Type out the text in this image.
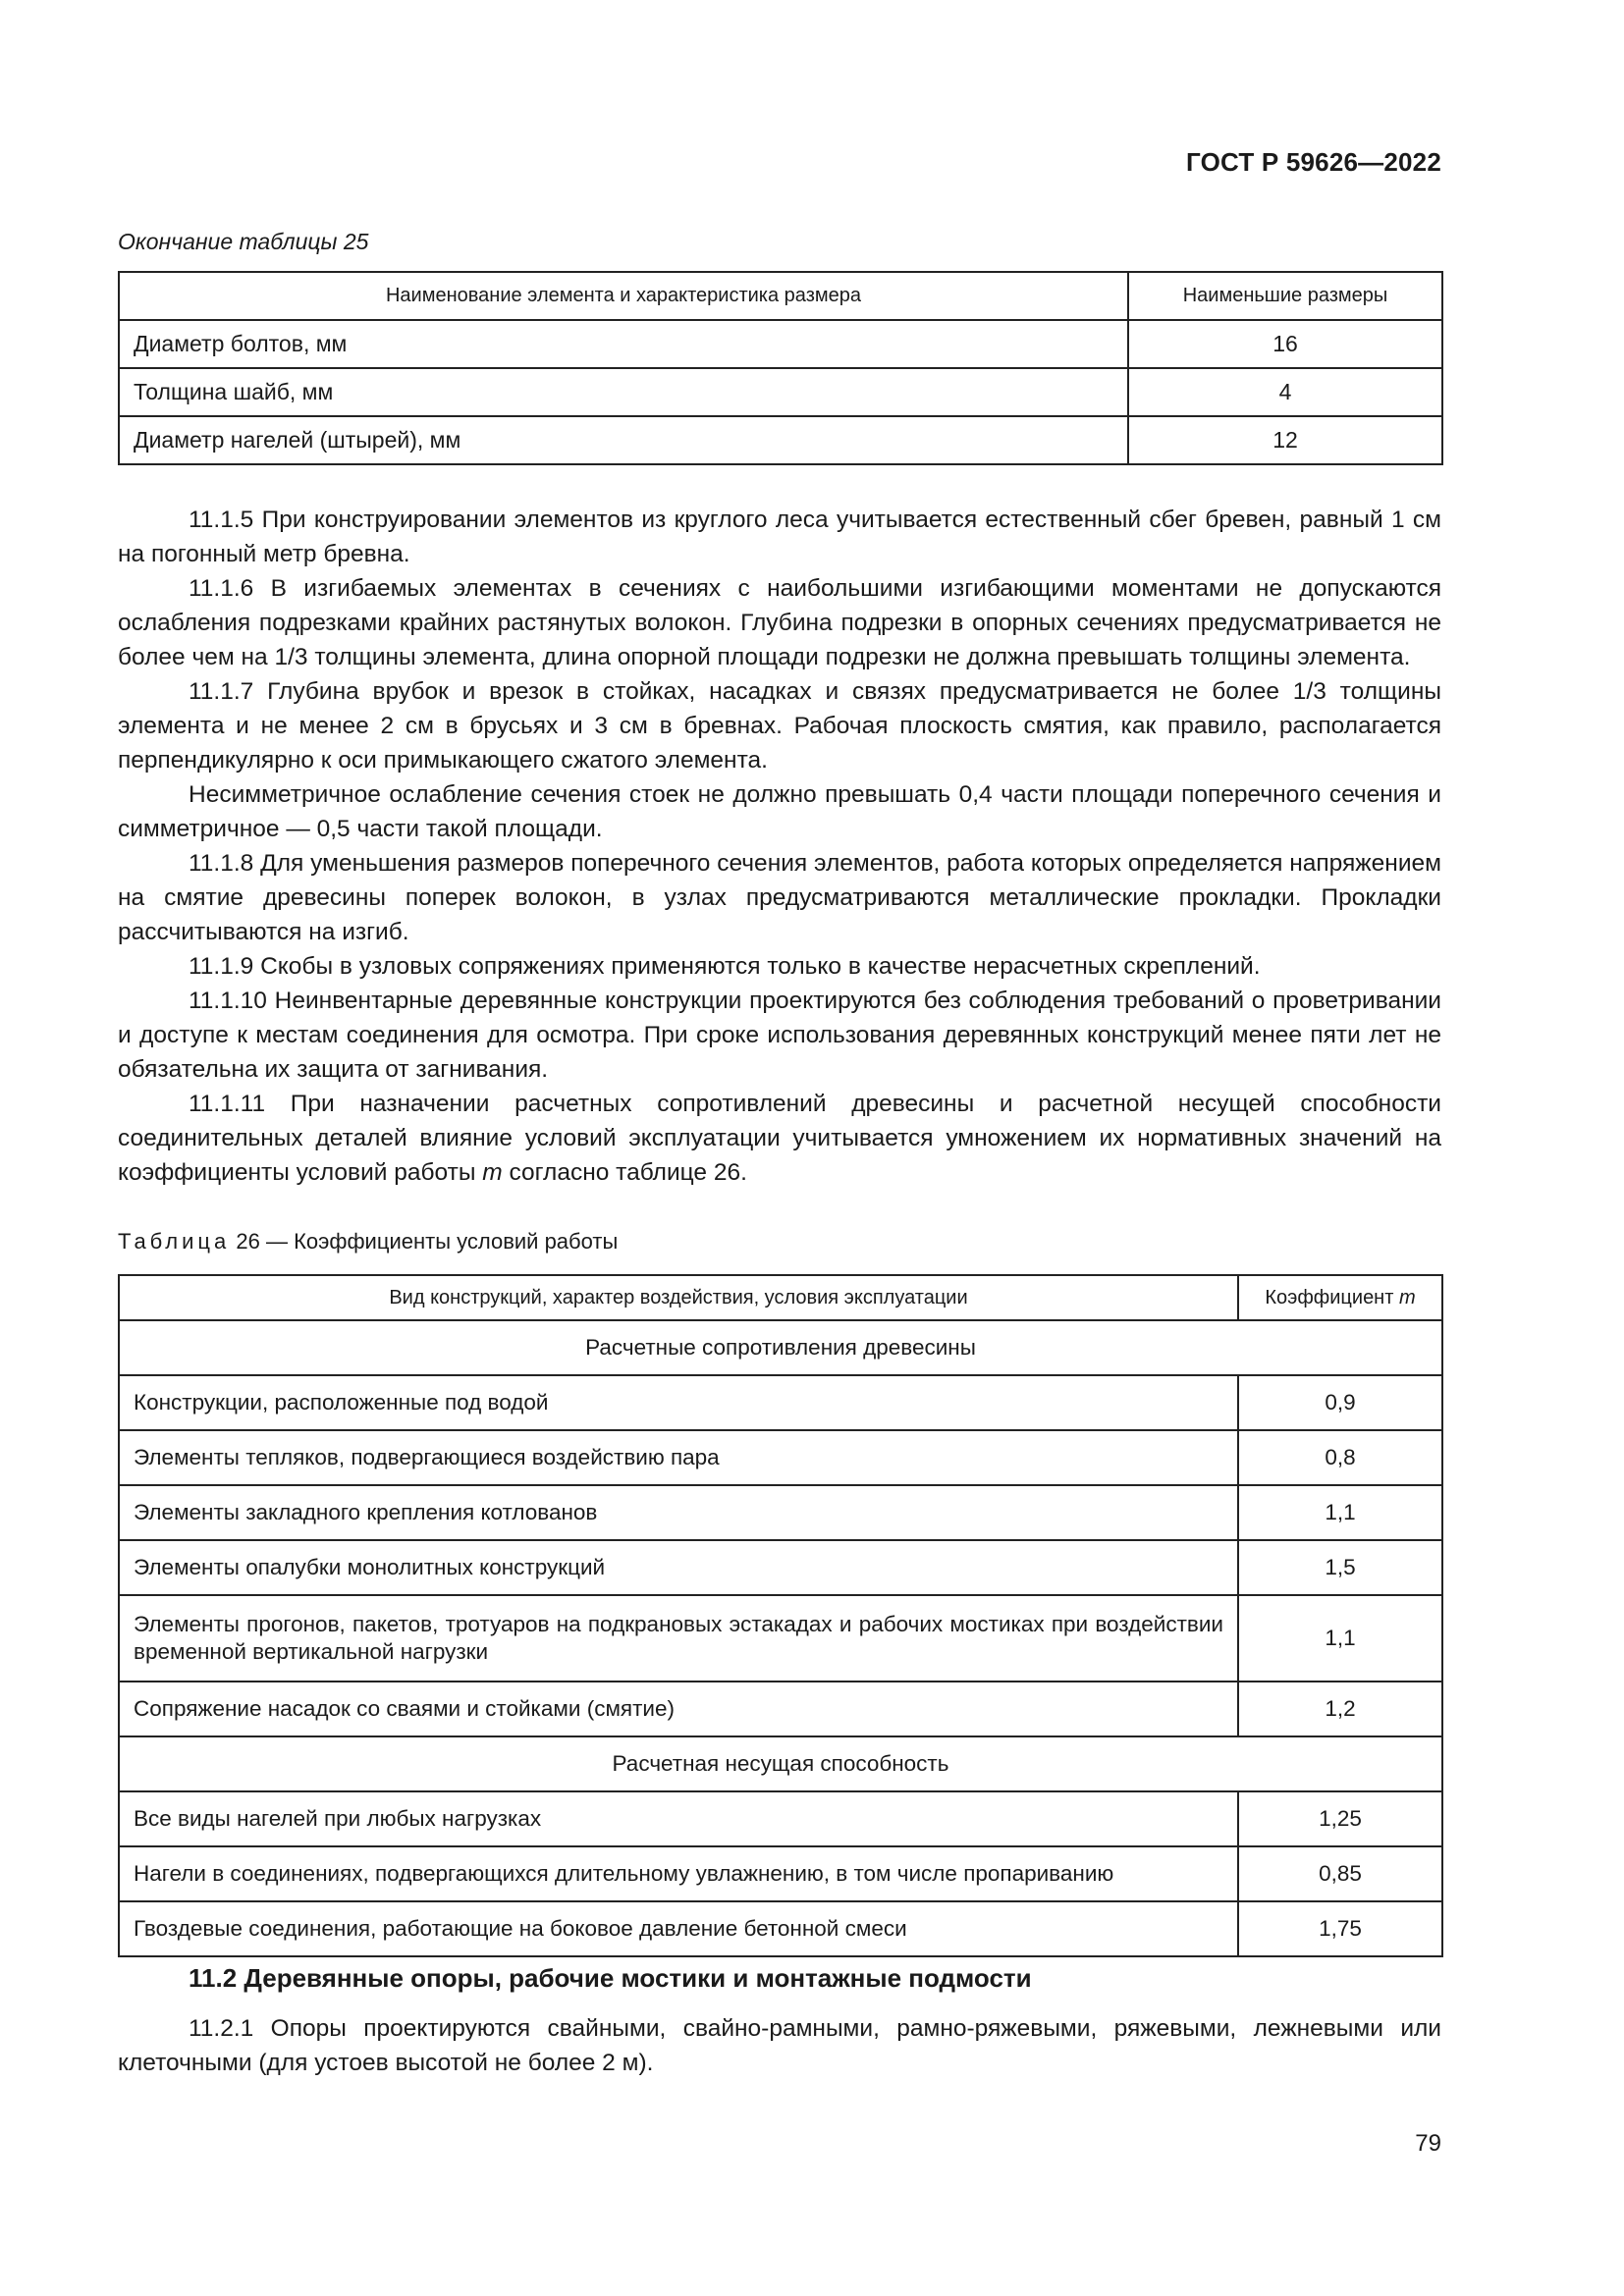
ГОСТ Р 59626—2022
Окончание таблицы 25
Наименование элемента и характеристика размера	Наименьшие размеры
Диаметр болтов, мм	16
Толщина шайб, мм	4
Диаметр нагелей (штырей), мм	12

11.1.5 При конструировании элементов из круглого леса учитывается естественный сбег бревен, равный 1 см на погонный метр бревна.

11.1.6 В изгибаемых элементах в сечениях с наибольшими изгибающими моментами не допускаются ослабления подрезками крайних растянутых волокон. Глубина подрезки в опорных сечениях предусматривается не более чем на 1/3 толщины элемента, длина опорной площади подрезки не должна превышать толщины элемента.

11.1.7 Глубина врубок и врезок в стойках, насадках и связях предусматривается не более 1/3 толщины элемента и не менее 2 см в брусьях и 3 см в бревнах. Рабочая плоскость смятия, как правило, располагается перпендикулярно к оси примыкающего сжатого элемента.

Несимметричное ослабление сечения стоек не должно превышать 0,4 части площади поперечного сечения и симметричное — 0,5 части такой площади.

11.1.8 Для уменьшения размеров поперечного сечения элементов, работа которых определяется напряжением на смятие древесины поперек волокон, в узлах предусматриваются металлические прокладки. Прокладки рассчитываются на изгиб.

11.1.9 Скобы в узловых сопряжениях применяются только в качестве нерасчетных скреплений.

11.1.10 Неинвентарные деревянные конструкции проектируются без соблюдения требований о проветривании и доступе к местам соединения для осмотра. При сроке использования деревянных конструкций менее пяти лет не обязательна их защита от загнивания.

11.1.11 При назначении расчетных сопротивлений древесины и расчетной несущей способности соединительных деталей влияние условий эксплуатации учитывается умножением их нормативных значений на коэффициенты условий работы m согласно таблице 26.

Таблица 26 — Коэффициенты условий работы
Вид конструкций, характер воздействия, условия эксплуатации	Коэффициент m
Расчетные сопротивления древесины	
Конструкции, расположенные под водой	0,9
Элементы тепляков, подвергающиеся воздействию пара	0,8
Элементы закладного крепления котлованов	1,1
Элементы опалубки монолитных конструкций	1,5
Элементы прогонов, пакетов, тротуаров на подкрановых эстакадах и рабочих мостиках при воздействии временной вертикальной нагрузки	1,1
Сопряжение насадок со сваями и стойками (смятие)	1,2
Расчетная несущая способность	
Все виды нагелей при любых нагрузках	1,25
Нагели в соединениях, подвергающихся длительному увлажнению, в том числе пропариванию	0,85
Гвоздевые соединения, работающие на боковое давление бетонной смеси	1,75
11.2 Деревянные опоры, рабочие мостики и монтажные подмости

11.2.1 Опоры проектируются свайными, свайно-рамными, рамно-ряжевыми, ряжевыми, лежневыми или клеточными (для устоев высотой не более 2 м).

79
